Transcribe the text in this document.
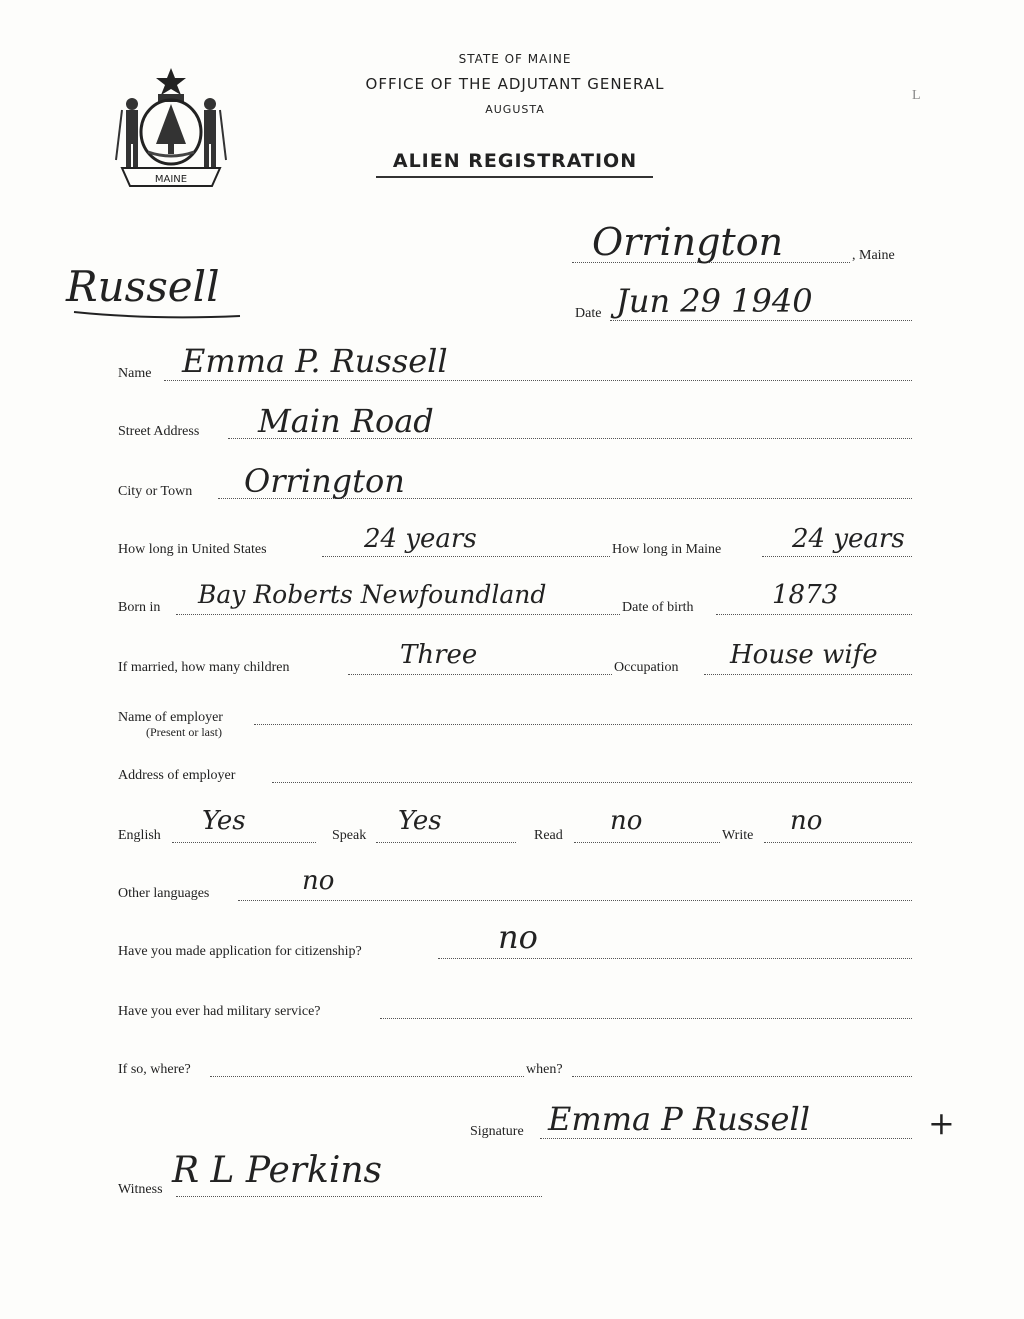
MAINE
STATE OF MAINE
OFFICE OF THE ADJUTANT GENERAL
AUGUSTA
ALIEN REGISTRATION
L
Russell
Orrington	, Maine
Date Jun 29 1940
Name Emma P. Russell
Street Address Main Road
City or Town Orrington
How long in United States	24 years	How long in Maine	24 years
Born in Bay Roberts Newfoundland	Date of birth	1873
If married, how many children	Three	Occupation House wife
Name of employer
(Present or last)
Address of employer
English Yes	Speak Yes	Read no	Write no
Other languages	no
Have you made application for citizenship?	no
Have you ever had military service?
If so, where?	when?
Signature Emma P Russell	+
Witness R L Perkins
